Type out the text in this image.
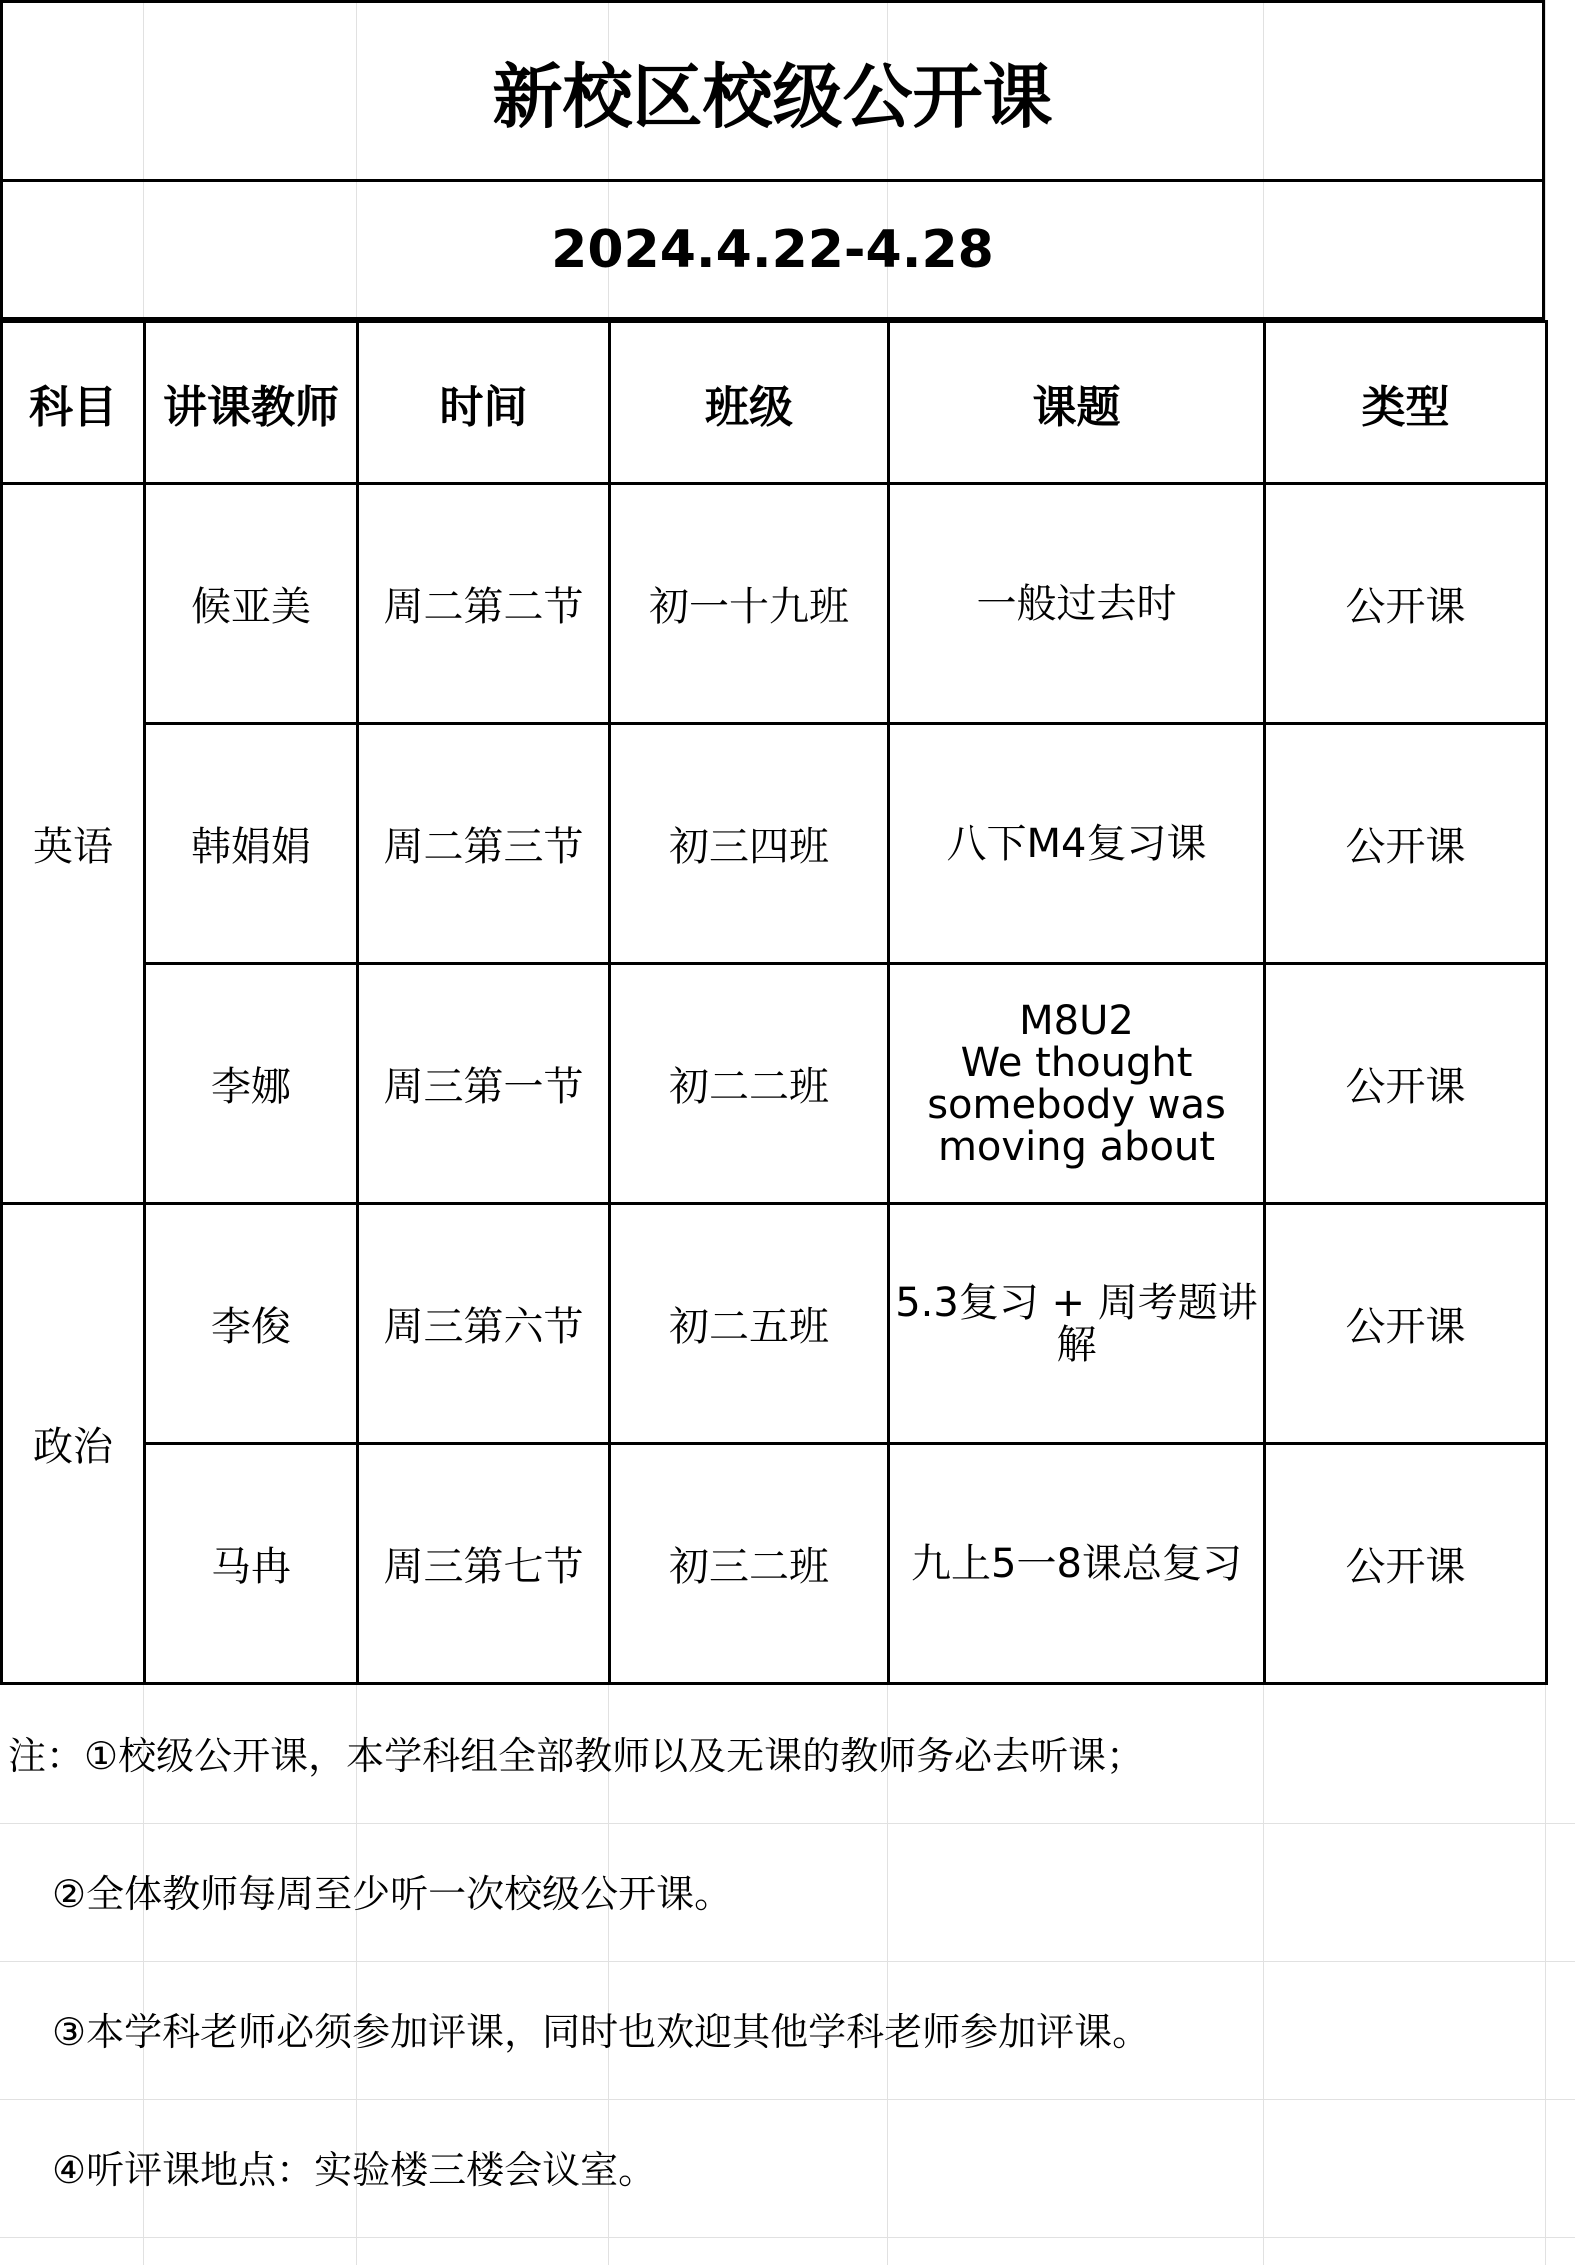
新校区校级公开课
2024.4.22-4.28
科目	讲课教师	时间	班级	课题	类型
英语	候亚美	周二第二节	初一十九班	一般过去时	公开课
	韩娟娟	周二第三节	初三四班	八下M4复习课	公开课
	李娜	周三第一节	初二二班	M8U2
We thought
somebody was
moving about	公开课
政治	李俊	周三第六节	初二五班	5.3复习 + 周考题讲
解	公开课
	马冉	周三第七节	初三二班	九上5一8课总复习	公开课
注：①校级公开课，本学科组全部教师以及无课的教师务必去听课；
②全体教师每周至少听一次校级公开课。
③本学科老师必须参加评课，同时也欢迎其他学科老师参加评课。
④听评课地点：实验楼三楼会议室。
